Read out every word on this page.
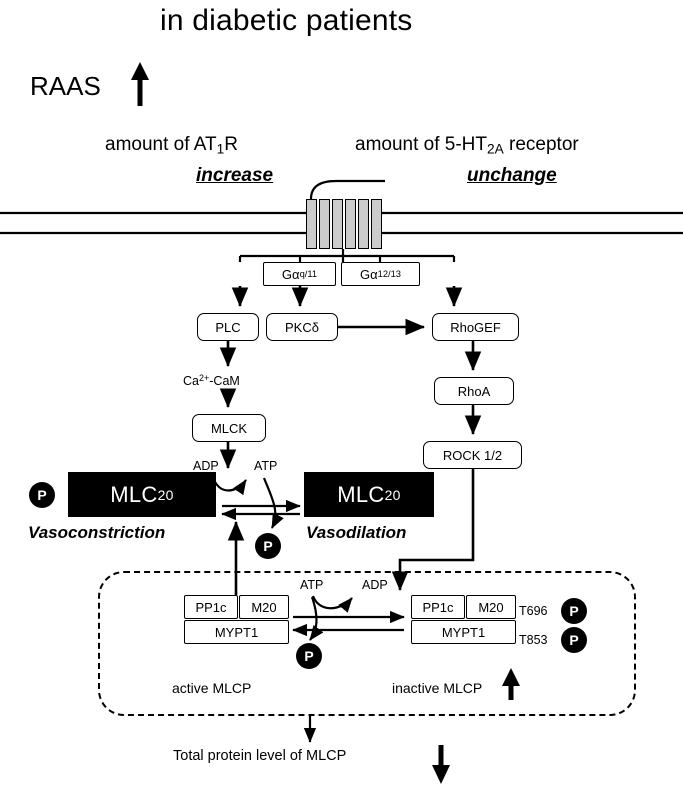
in diabetic patients
RAAS
amount of $AT_1R$
increase
amount of $5-HT_{2A}$ receptor
unchange
Gα q/11	Gα 12/13
PLC	PKCδ	RhoGEF
RhoA
ROCK 1/2
MLCK
$Ca^{2+}$-CaM
MLC 20
P	MLC 20
ADP	ATP
P
Vasoconstriction	Vasodilation
PP1c	M20
MYPT1
PP1c	M20
MYPT1
T696	P
T853	P
ATP	ADP
P
active MLCP	inactive MLCP
Total protein level of MLCP
